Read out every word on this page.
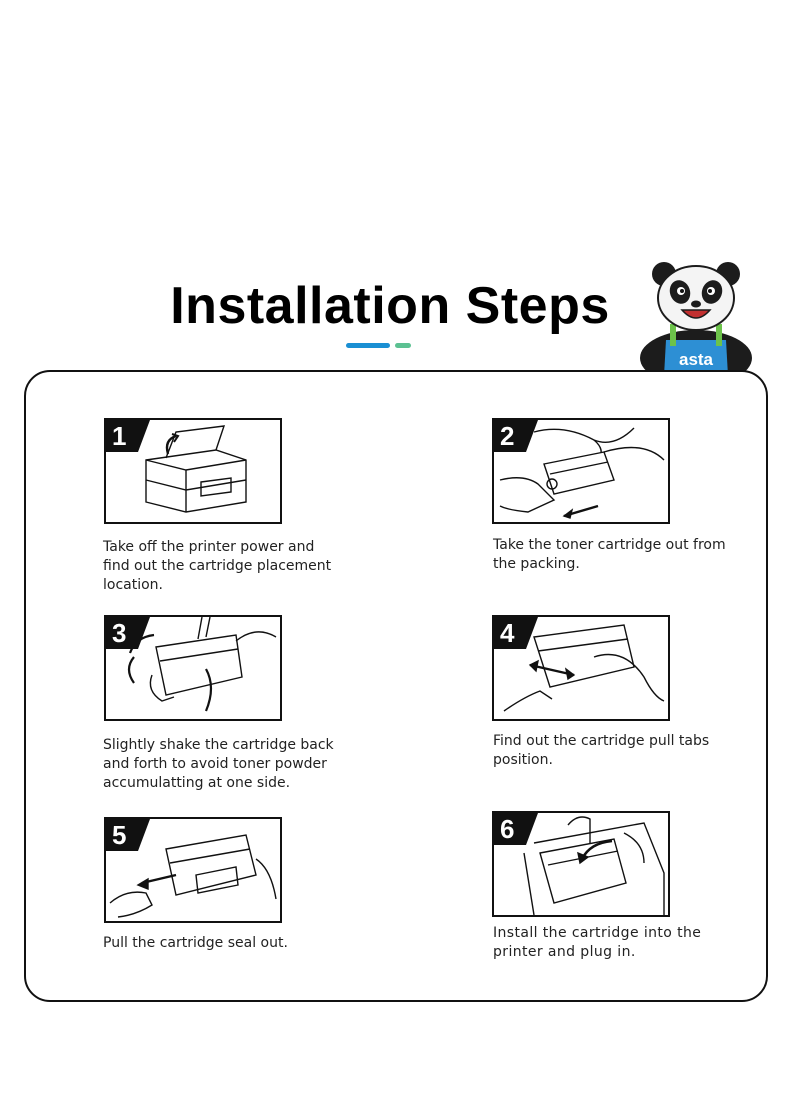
Installation Steps
asta
1
Take off the printer power and find out the cartridge placement location.
2
Take the toner cartridge out from the packing.
3
Slightly shake the cartridge back and forth to avoid toner powder accumulatting at one side.
4
Find out the cartridge pull tabs position.
5
Pull the cartridge seal out.
6
Install the cartridge into the printer and plug in.
